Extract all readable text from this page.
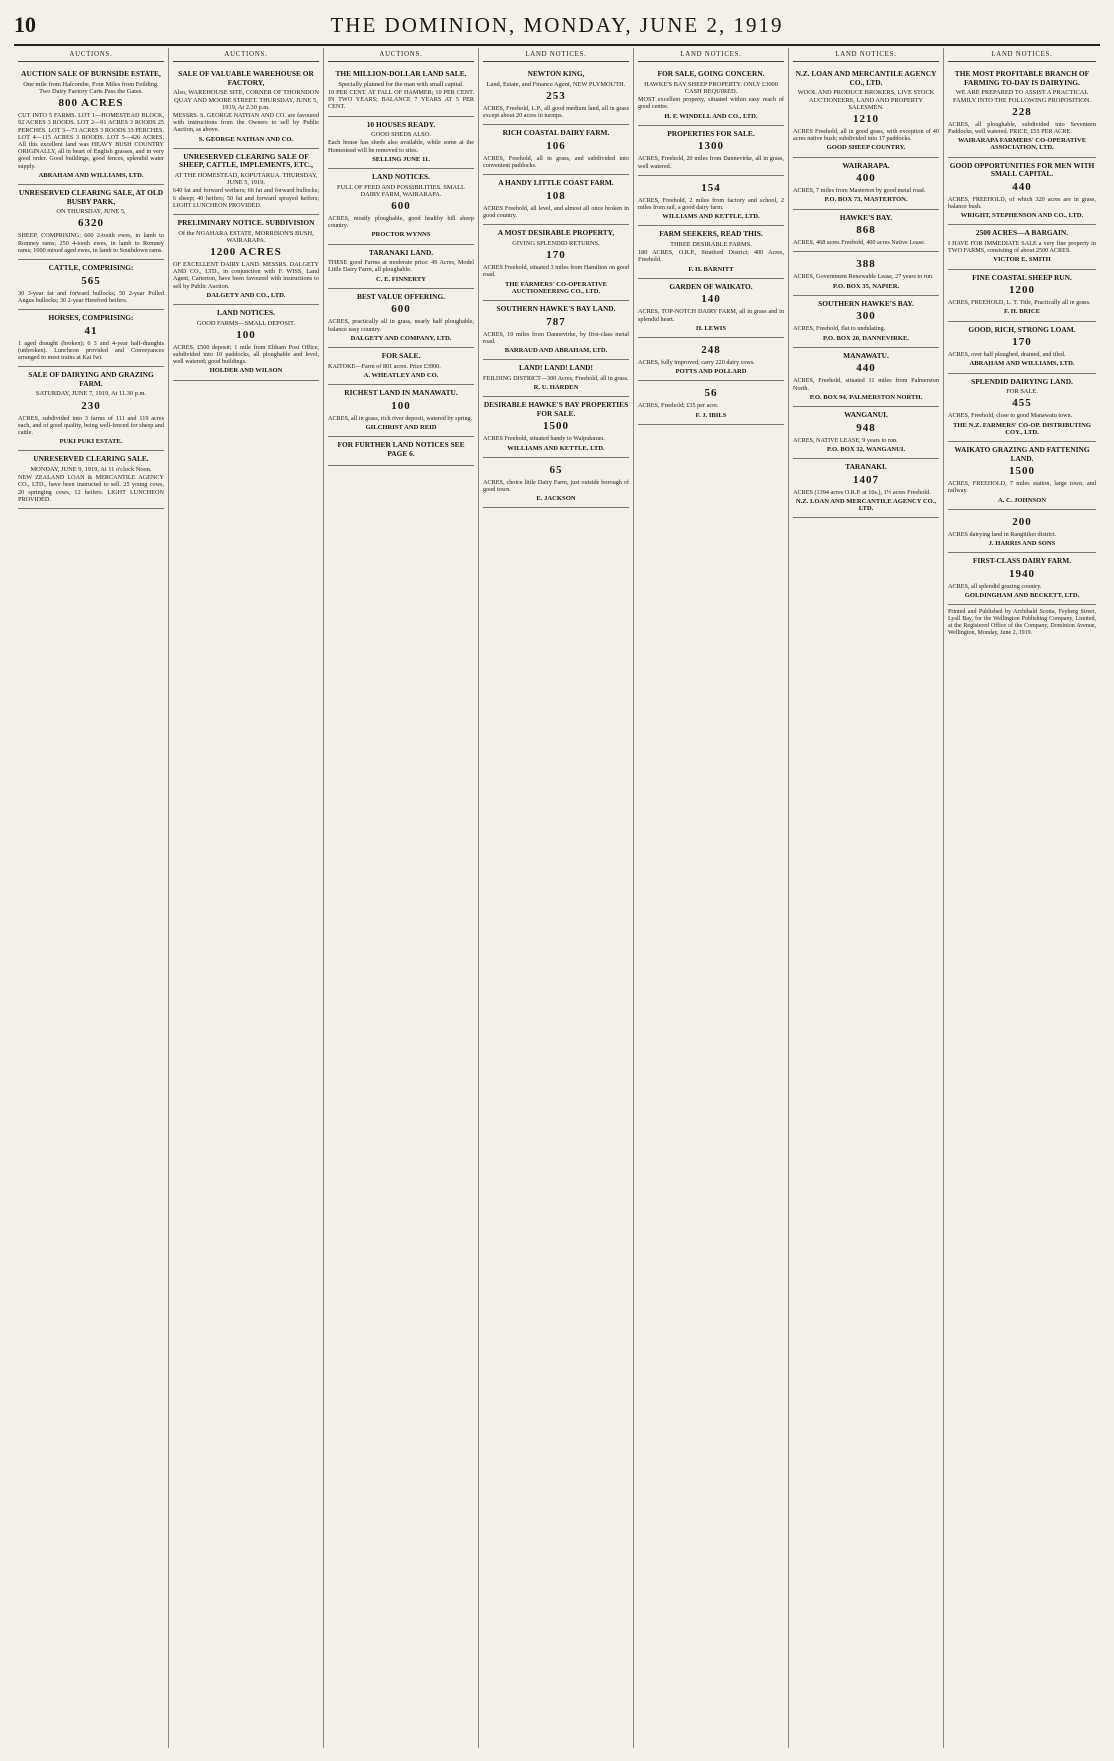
10	THE DOMINION, MONDAY, JUNE 2, 1919
AUCTIONS.
AUCTION SALE OF BURNSIDE ESTATE,
One mile from Halcombe, Four Miles from Feilding. Two Dairy Factory Carts Pass the Gates.
800 ACRES
CUT INTO 5 FARMS. LOT 1—HOMESTEAD BLOCK, 92 ACRES 3 ROODS. LOT 2—91 ACRES 3 ROODS 25 PERCHES. LOT 3—73 ACRES 3 ROODS 33 PERCHES. LOT 4—115 ACRES 3 ROODS. LOT 5—426 ACRES. All this excellent land was HEAVY BUSH COUNTRY ORIGINALLY, all in heart of English grasses, and in very good order. Good buildings, good fences, splendid water supply.
ABRAHAM AND WILLIAMS, LTD.
UNRESERVED CLEARING SALE, AT OLD BUSBY PARK,
ON THURSDAY, JUNE 5,
6320
SHEEP, COMPRISING: 600 2-tooth ewes, in lamb to Romney rams; 250 4-tooth ewes, in lamb to Romney rams; 1000 mixed aged ewes, in lamb to Southdown rams.
CATTLE, COMPRISING:
565
30 3-year fat and forward bullocks; 50 2-year Polled Angus bullocks; 30 2-year Hereford heifers.
HORSES, COMPRISING:
41
1 aged draught (broken); 6 3 and 4-year half-draughts (unbroken). Luncheon provided and Conveyances arranged to meet trains at Kai Iwi.
SALE OF DAIRYING AND GRAZING FARM.
SATURDAY, JUNE 7, 1919, At 11.30 p.m.
230
ACRES, subdivided into 3 farms of 111 and 119 acres each, and of good quality, being well-fenced for sheep and cattle.
PUKI PUKI ESTATE.
UNRESERVED CLEARING SALE.
MONDAY, JUNE 9, 1919, At 11 o'clock Noon.
NEW ZEALAND LOAN & MERCANTILE AGENCY CO., LTD., have been instructed to sell. 25 young cows, 20 springing cows, 12 heifers. LIGHT LUNCHEON PROVIDED.
AUCTIONS.
SALE OF VALUABLE WAREHOUSE OR FACTORY,
Also, WAREHOUSE SITE, CORNER OF THORNDON QUAY AND MOORE STREET. THURSDAY, JUNE 5, 1919, At 2.30 p.m.
MESSRS. S. GEORGE NATHAN AND CO. are favoured with instructions from the Owners to sell by Public Auction, as above.
S. GEORGE NATHAN AND CO.
UNRESERVED CLEARING SALE OF SHEEP, CATTLE, IMPLEMENTS, ETC.,
AT THE HOMESTEAD, KOPUTARUA. THURSDAY, JUNE 5, 1919.
640 fat and forward wethers; 66 fat and forward bullocks; 6 sheep; 40 heifers; 50 fat and forward sprayed heifers; LIGHT LUNCHEON PROVIDED.
PRELIMINARY NOTICE. SUBDIVISION
Of the NGAHARA ESTATE, MORRISON'S BUSH, WAIRARAPA.
1200 ACRES
OF EXCELLENT DAIRY LAND. MESSRS. DALGETY AND CO., LTD., in conjunction with F. WISS, Land Agent, Carterton, have been favoured with instructions to sell by Public Auction.
DALGETY AND CO., LTD.
LAND NOTICES.
GOOD FARMS—SMALL DEPOSIT.
100
ACRES, £500 deposit; 1 mile from Eltham Post Office, subdivided into 10 paddocks, all ploughable and level, well watered; good buildings.
HOLDER AND WILSON
AUCTIONS.
THE MILLION-DOLLAR LAND SALE.
Specially planned for the man with small capital.
10 PER CENT. AT FALL OF HAMMER; 10 PER CENT. IN TWO YEARS; BALANCE 7 YEARS AT 5 PER CENT.
10 HOUSES READY.
GOOD SHEDS ALSO.
Each house has sheds also available, while some at the Homestead will be removed to sites.
SELLING JUNE 11.
LAND NOTICES.
FULL OF FEED AND POSSIBILITIES. SMALL DAIRY FARM, WAIRARAPA.
600
ACRES, mostly ploughable, good healthy hill sheep country.
PROCTOR WYNNS
TARANAKI LAND.
THESE good Farms at moderate price: 49 Acres, Model Little Dairy Farm, all ploughable.
C. E. FINNERTY
BEST VALUE OFFERING.
600
ACRES, practically all in grass, nearly half ploughable, balance easy country.
DALGETY AND COMPANY, LTD.
FOR SALE.
KAITOKE—Farm of 801 acres. Price £3900.
A. WHEATLEY AND CO.
RICHEST LAND IN MANAWATU.
100
ACRES, all in grass, rich river deposit, watered by spring.
GILCHRIST AND REID
FOR FURTHER LAND NOTICES SEE PAGE 6.
LAND NOTICES.
NEWTON KING,
Land, Estate, and Finance Agent, NEW PLYMOUTH.
253
ACRES, Freehold, L.P., all good medium land, all in grass except about 20 acres in turnips.
RICH COASTAL DAIRY FARM.
106
ACRES, Freehold, all in grass, and subdivided into convenient paddocks.
A HANDY LITTLE COAST FARM.
108
ACRES Freehold, all level, and almost all once broken in good country.
A MOST DESIRABLE PROPERTY,
GIVING SPLENDID RETURNS.
170
ACRES Freehold, situated 3 miles from Hamilton on good road.
THE FARMERS' CO-OPERATIVE AUCTIONEERING CO., LTD.
SOUTHERN HAWKE'S BAY LAND.
787
ACRES, 10 miles from Dannevirke, by first-class metal road.
BARRAUD AND ABRAHAM, LTD.
LAND! LAND! LAND!
FEILDING DISTRICT—300 Acres, Freehold, all in grass.
R. U. HARDEN
DESIRABLE HAWKE'S BAY PROPERTIES FOR SALE.
1500
ACRES Freehold, situated handy to Waipukurau.
WILLIAMS AND KETTLE, LTD.
65
ACRES, choice little Dairy Farm, just outside borough of good town.
E. JACKSON
LAND NOTICES.
FOR SALE, GOING CONCERN.
HAWKE'S BAY SHEEP PROPERTY. ONLY £3000 CASH REQUIRED.
MOST excellent property, situated within easy reach of good centre.
H. F. WINDELL AND CO., LTD.
PROPERTIES FOR SALE.
1300
ACRES, Freehold, 20 miles from Dannevirke, all in grass, well watered.
154
ACRES, Freehold, 2 miles from factory and school, 2 miles from rail, a good dairy farm.
WILLIAMS AND KETTLE, LTD.
FARM SEEKERS, READ THIS.
THREE DESIRABLE FARMS.
180 ACRES, O.R.P., Stratford District; 400 Acres, Freehold.
F. H. BARNITT
GARDEN OF WAIKATO.
140
ACRES, TOP-NOTCH DAIRY FARM, all in grass and in splendid heart.
H. LEWIS
248
ACRES, fully improved; carry 220 dairy cows.
POTTS AND POLLARD
56
ACRES, Freehold; £35 per acre.
F. J. IBILS
LAND NOTICES.
N.Z. LOAN AND MERCANTILE AGENCY CO., LTD.
WOOL AND PRODUCE BROKERS, LIVE STOCK AUCTIONEERS, LAND AND PROPERTY SALESMEN.
1210
ACRES Freehold, all in good grass, with exception of 40 acres native bush; subdivided into 17 paddocks.
GOOD SHEEP COUNTRY.
WAIRARAPA.
400
ACRES, 7 miles from Masterton by good metal road.
P.O. BOX 73, MASTERTON.
HAWKE'S BAY.
868
ACRES, 468 acres Freehold, 400 acres Native Lease.
388
ACRES, Government Renewable Lease, 27 years to run.
P.O. BOX 35, NAPIER.
SOUTHERN HAWKE'S BAY.
300
ACRES, Freehold, flat to undulating.
P.O. BOX 20, DANNEVIRKE.
MANAWATU.
440
ACRES, Freehold, situated 11 miles from Palmerston North.
P.O. BOX 94, PALMERSTON NORTH.
WANGANUI.
948
ACRES, NATIVE LEASE, 9 years to run.
P.O. BOX 32, WANGANUI.
TARANAKI.
1407
ACRES (1394 acres O.R.P. at 10s.), 1½ acres Freehold.
N.Z. LOAN AND MERCANTILE AGENCY CO., LTD.
LAND NOTICES.
THE MOST PROFITABLE BRANCH OF FARMING TO-DAY IS DAIRYING.
WE ARE PREPARED TO ASSIST A PRACTICAL FAMILY INTO THE FOLLOWING PROPOSITION.
228
ACRES, all ploughable, subdivided into Seventeen Paddocks, well watered. PRICE, £55 PER ACRE.
WAIRARAPA FARMERS' CO-OPERATIVE ASSOCIATION, LTD.
GOOD OPPORTUNITIES FOR MEN WITH SMALL CAPITAL.
440
ACRES, FREEHOLD, of which 320 acres are in grass, balance bush.
WRIGHT, STEPHENSON AND CO., LTD.
2500 ACRES—A BARGAIN.
I HAVE FOR IMMEDIATE SALE a very fine property in TWO FARMS, consisting of about 2500 ACRES.
VICTOR E. SMITH
FINE COASTAL SHEEP RUN.
1200
ACRES, FREEHOLD, L. T. Title, Practically all in grass.
F. H. BRICE
GOOD, RICH, STRONG LOAM.
170
ACRES, over half ploughed, drained, and tiled.
ABRAHAM AND WILLIAMS, LTD.
SPLENDID DAIRYING LAND.
FOR SALE.
455
ACRES, Freehold, close to good Manawatu town.
THE N.Z. FARMERS' CO-OP. DISTRIBUTING COY., LTD.
WAIKATO GRAZING AND FATTENING LAND.
1500
ACRES, FREEHOLD, 7 miles station, large town, and railway.
A. C. JOHNSON
200
ACRES dairying land in Rangitikei district.
J. HARRIS AND SONS
FIRST-CLASS DAIRY FARM.
1940
ACRES, all splendid grazing country.
GOLDINGHAM AND BECKETT, LTD.
Printed and Published by Archibald Scotta, Feyberg Street, Lyall Bay, for the Wellington Publishing Company, Limited, at the Registered Office of the Company, Dominion Avenue, Wellington, Monday, June 2, 1919.
